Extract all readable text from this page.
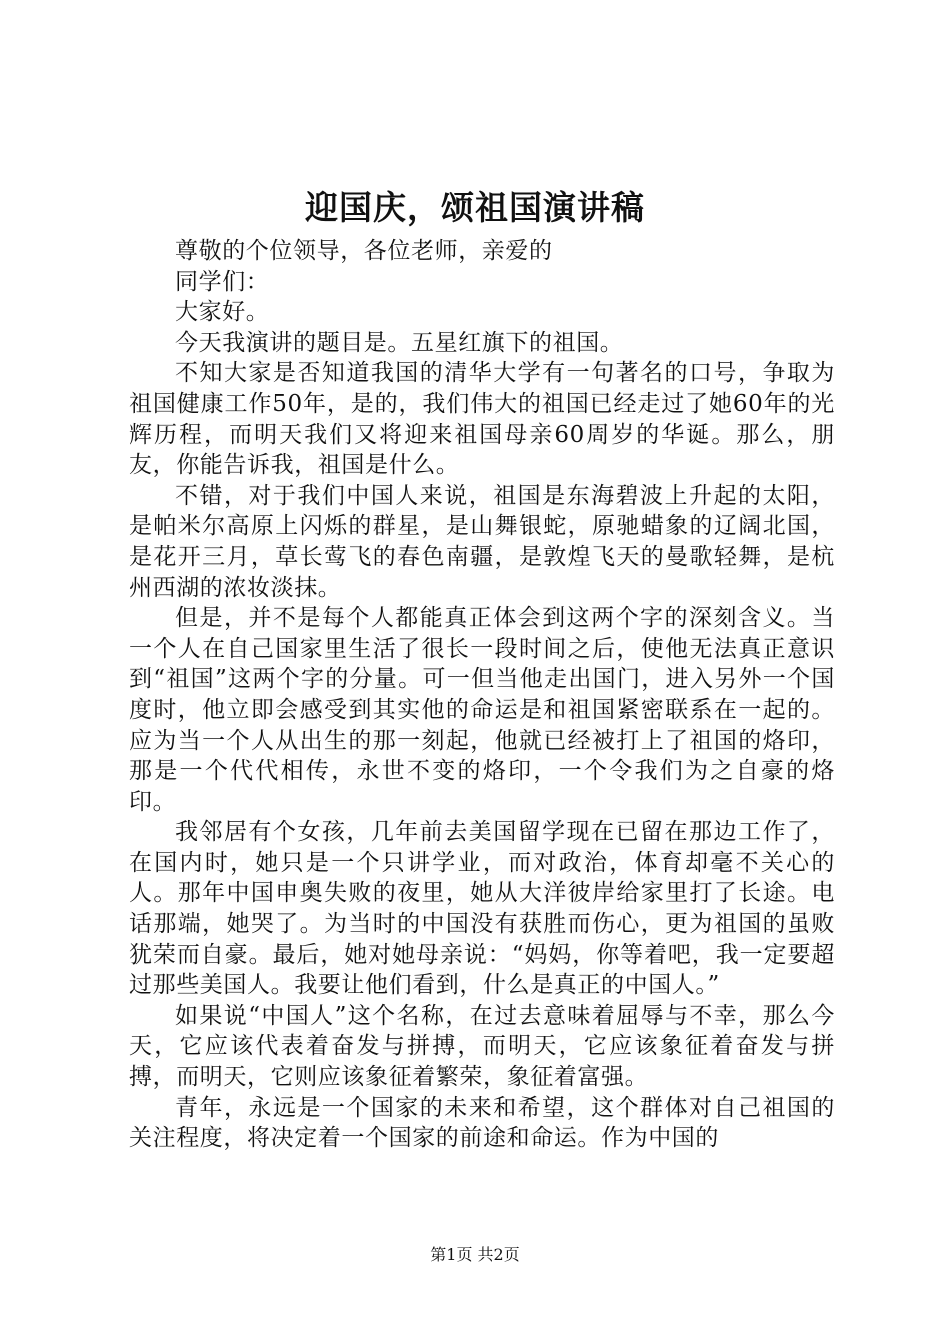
迎国庆，颂祖国演讲稿

尊敬的个位领导，各位老师，亲爱的

同学们：

大家好。

今天我演讲的题目是。五星红旗下的祖国。

不知大家是否知道我国的清华大学有一句著名的口号，争取为祖国健康工作50年，是的，我们伟大的祖国已经走过了她60年的光辉历程，而明天我们又将迎来祖国母亲60周岁的华诞。那么，朋友，你能告诉我，祖国是什么。

不错，对于我们中国人来说，祖国是东海碧波上升起的太阳，是帕米尔高原上闪烁的群星，是山舞银蛇，原驰蜡象的辽阔北国，是花开三月，草长莺飞的春色南疆，是敦煌飞天的曼歌轻舞，是杭州西湖的浓妆淡抹。

但是，并不是每个人都能真正体会到这两个字的深刻含义。当一个人在自己国家里生活了很长一段时间之后，使他无法真正意识到“祖国”这两个字的分量。可一但当他走出国门，进入另外一个国度时，他立即会感受到其实他的命运是和祖国紧密联系在一起的。应为当一个人从出生的那一刻起，他就已经被打上了祖国的烙印，那是一个代代相传，永世不变的烙印，一个令我们为之自豪的烙印。

我邻居有个女孩，几年前去美国留学现在已留在那边工作了，在国内时，她只是一个只讲学业，而对政治，体育却毫不关心的人。那年中国申奥失败的夜里，她从大洋彼岸给家里打了长途。电话那端，她哭了。为当时的中国没有获胜而伤心，更为祖国的虽败犹荣而自豪。最后，她对她母亲说：“妈妈，你等着吧，我一定要超过那些美国人。我要让他们看到，什么是真正的中国人。”

如果说“中国人”这个名称，在过去意味着屈辱与不幸，那么今天，它应该代表着奋发与拼搏，而明天，它应该象征着奋发与拼搏，而明天，它则应该象征着繁荣，象征着富强。

青年，永远是一个国家的未来和希望，这个群体对自己祖国的关注程度，将决定着一个国家的前途和命运。作为中国的

第1页 共2页
